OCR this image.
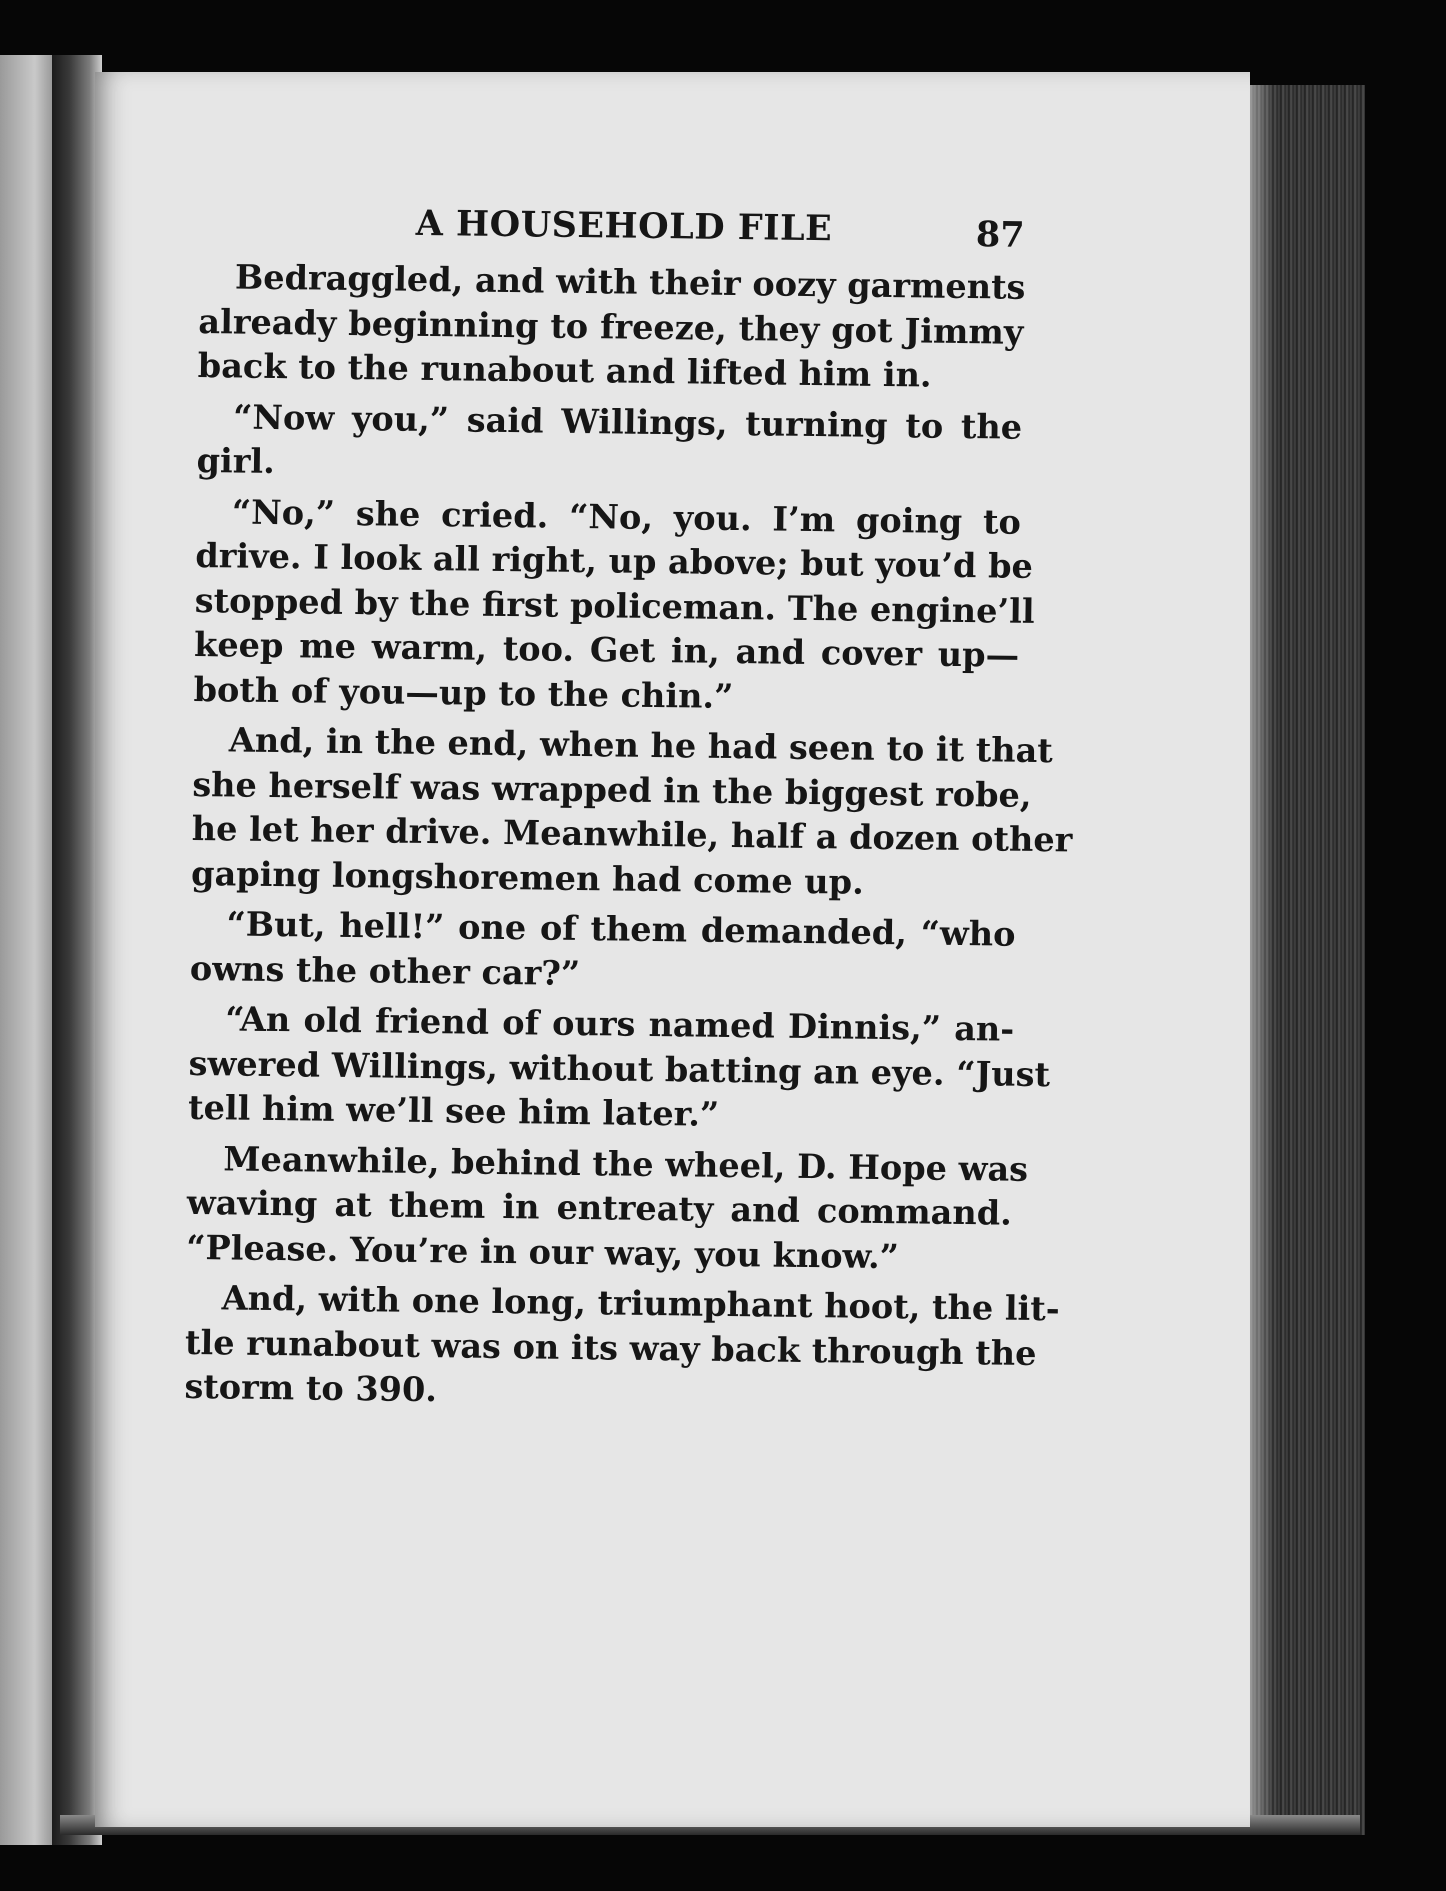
A HOUSEHOLD FILE	87

Bedraggled, and with their oozy garments
already beginning to freeze, they got Jimmy
back to the runabout and lifted him in.

“Now you,” said Willings, turning to the
girl.

“No,” she cried. “No, you. I’m going to
drive. I look all right, up above; but you’d be
stopped by the first policeman. The engine’ll
keep me warm, too. Get in, and cover up—
both of you—up to the chin.”

And, in the end, when he had seen to it that
she herself was wrapped in the biggest robe,
he let her drive. Meanwhile, half a dozen other
gaping longshoremen had come up.

“But, hell!” one of them demanded, “who
owns the other car?”

“An old friend of ours named Dinnis,” an-
swered Willings, without batting an eye. “Just
tell him we’ll see him later.”

Meanwhile, behind the wheel, D. Hope was
waving at them in entreaty and command.
“Please. You’re in our way, you know.”

And, with one long, triumphant hoot, the lit-
tle runabout was on its way back through the
storm to 390.
